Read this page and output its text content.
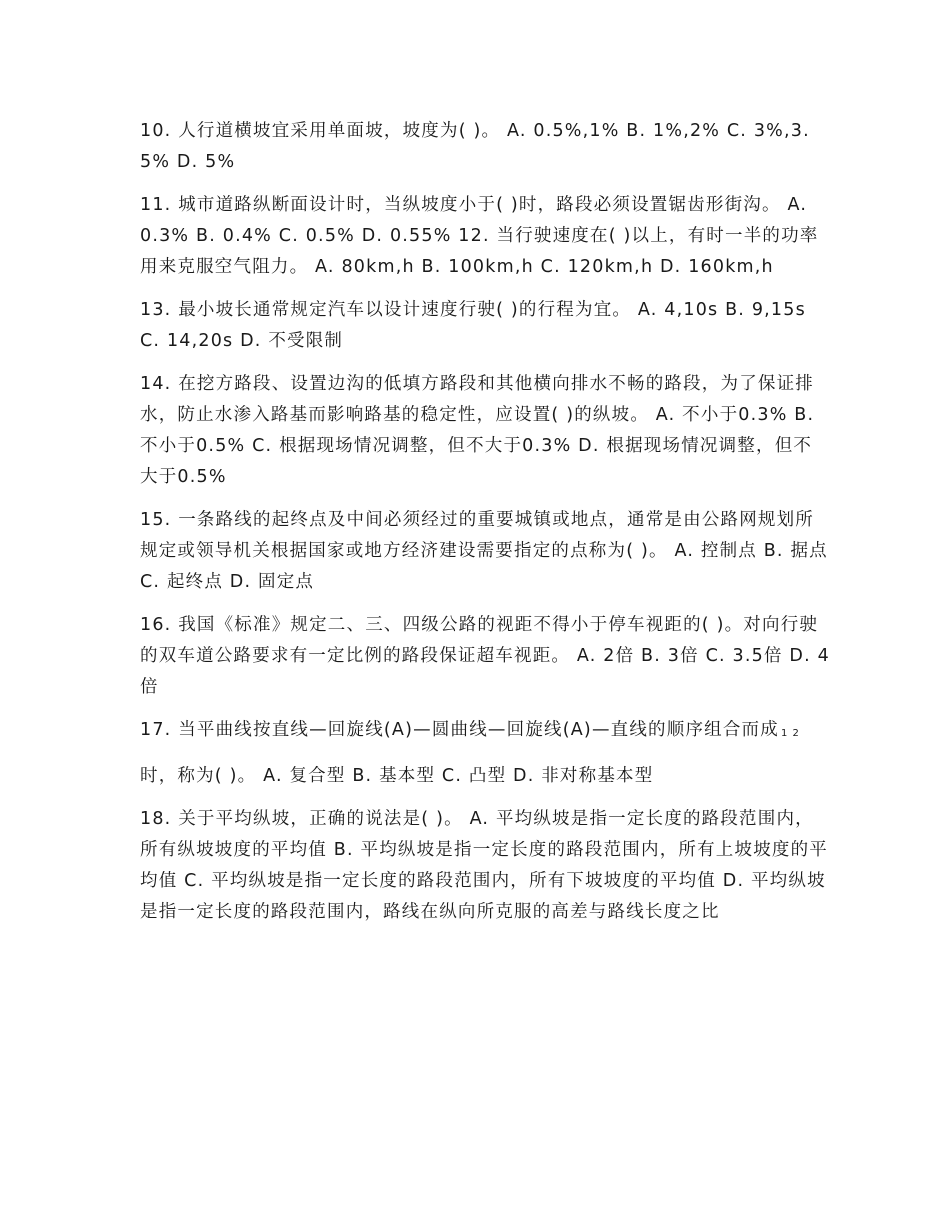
10. 人行道横坡宜采用单面坡，坡度为( )。 A. 0.5%,1% B. 1%,2% C. 3%,3.5% D. 5%

11. 城市道路纵断面设计时，当纵坡度小于( )时，路段必须设置锯齿形街沟。 A. 0.3% B. 0.4% C. 0.5% D. 0.55% 12. 当行驶速度在( )以上，有时一半的功率用来克服空气阻力。 A. 80km,h B. 100km,h C. 120km,h D. 160km,h

13. 最小坡长通常规定汽车以设计速度行驶( )的行程为宜。 A. 4,10s B. 9,15s C. 14,20s D. 不受限制

14. 在挖方路段、设置边沟的低填方路段和其他横向排水不畅的路段，为了保证排水，防止水渗入路基而影响路基的稳定性，应设置( )的纵坡。 A. 不小于0.3% B. 不小于0.5% C. 根据现场情况调整，但不大于0.3% D. 根据现场情况调整，但不大于0.5%

15. 一条路线的起终点及中间必须经过的重要城镇或地点，通常是由公路网规划所规定或领导机关根据国家或地方经济建设需要指定的点称为( )。 A. 控制点 B. 据点 C. 起终点 D. 固定点

16. 我国《标准》规定二、三、四级公路的视距不得小于停车视距的( )。对向行驶的双车道公路要求有一定比例的路段保证超车视距。 A. 2倍 B. 3倍 C. 3.5倍 D. 4倍

17. 当平曲线按直线—回旋线(A)—圆曲线—回旋线(A)—直线的顺序组合而成 1 2

时，称为( )。 A. 复合型 B. 基本型 C. 凸型 D. 非对称基本型

18. 关于平均纵坡，正确的说法是( )。 A. 平均纵坡是指一定长度的路段范围内，所有纵坡坡度的平均值 B. 平均纵坡是指一定长度的路段范围内，所有上坡坡度的平均值 C. 平均纵坡是指一定长度的路段范围内，所有下坡坡度的平均值 D. 平均纵坡是指一定长度的路段范围内，路线在纵向所克服的高差与路线长度之比
